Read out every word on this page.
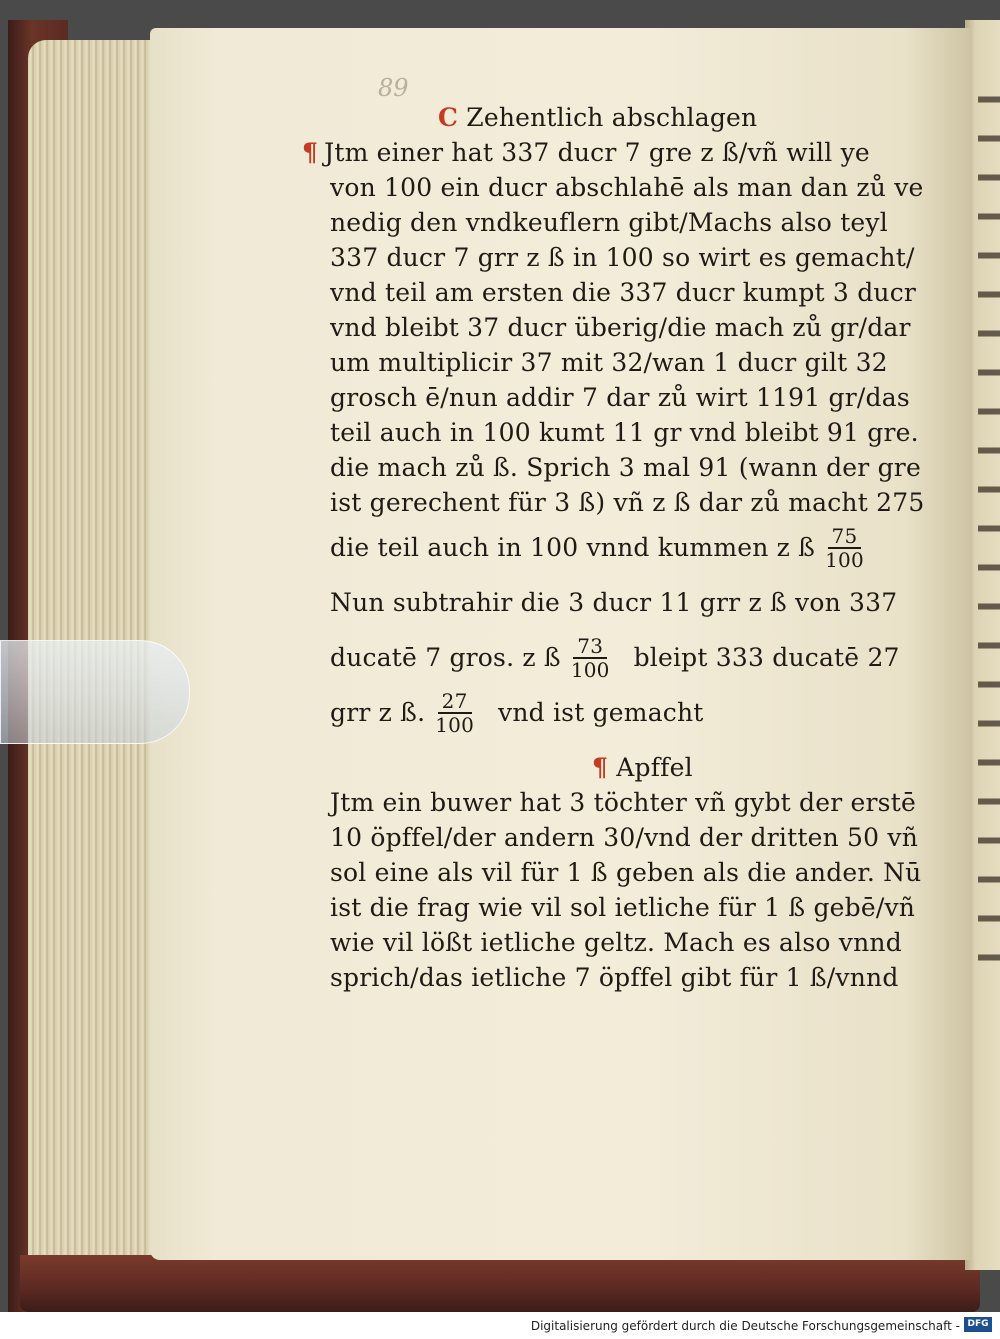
89
C Zehentlich abschlagen
¶ Jtm einer hat 337 ducr 7 gre z ß/vñ will ye
von 100 ein ducr abschlahē als man dan zů ve
nedig den vndkeuflern gibt/Machs also teyl
337 ducr 7 grr z ß in 100 so wirt es gemacht/
vnd teil am ersten die 337 ducr kumpt 3 ducr
vnd bleibt 37 ducr überig/die mach zů gr/dar
um multiplicir 37 mit 32/wan 1 ducr gilt 32
grosch ē/nun addir 7 dar zů wirt 1191 gr/das
teil auch in 100 kumt 11 gr vnd bleibt 91 gre.
die mach zů ß. Sprich 3 mal 91 (wann der gre
ist gerechent für 3 ß) vñ z ß dar zů macht 275
die teil auch in 100 vnnd kummen z ß $\frac{75}{100}$
Nun subtrahir die 3 ducr 11 grr z ß von 337
ducatē 7 gros. z ß $\frac{73}{100}$ bleipt 333 ducatē 27
grr z ß. $\frac{27}{100}$ vnd ist gemacht
¶ Apffel
Jtm ein buwer hat 3 töchter vñ gybt der erstē
10 öpffel/der andern 30/vnd der dritten 50 vñ
sol eine als vil für 1 ß geben als die ander. Nū
ist die frag wie vil sol ietliche für 1 ß gebē/vñ
wie vil lößt ietliche geltz. Mach es also vnnd
sprich/das ietliche 7 öpffel gibt für 1 ß/vnnd
Digitalisierung gefördert durch die Deutsche Forschungsgemeinschaft - DFG
